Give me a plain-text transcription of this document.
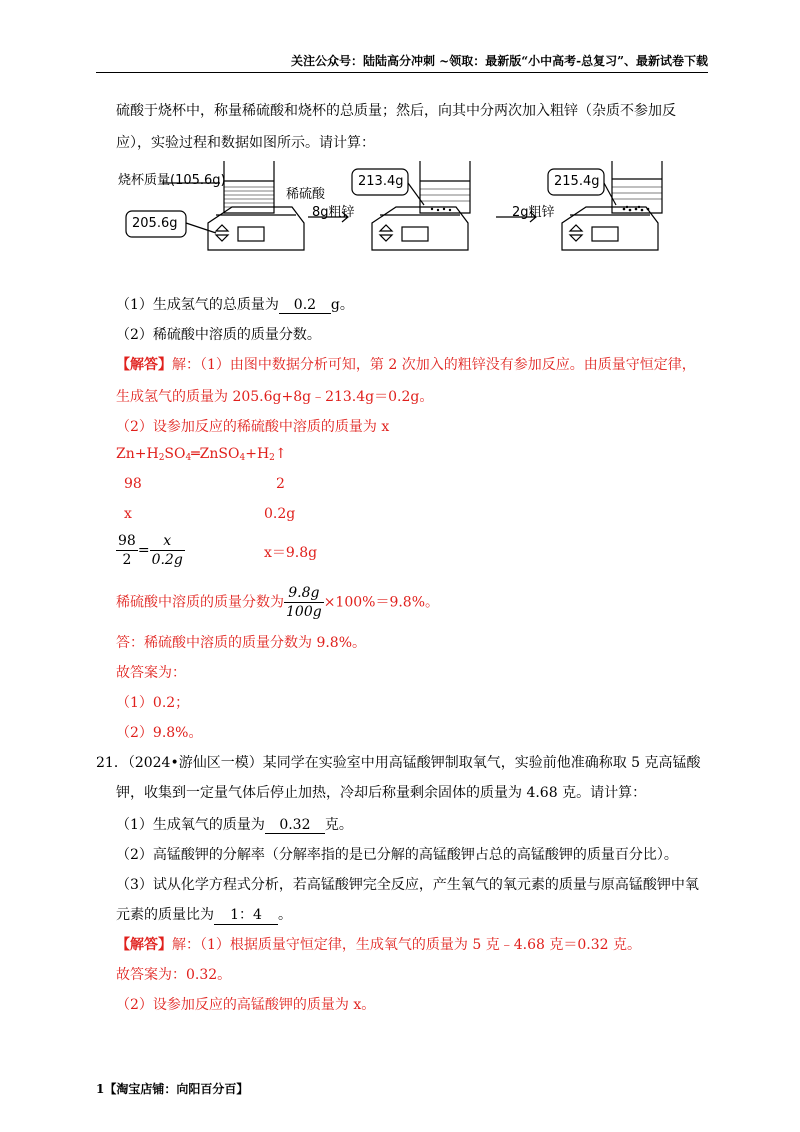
关注公众号：陆陆高分冲刺 ~领取：最新版“小中高考-总复习”、最新试卷下载
硫酸于烧杯中，称量稀硫酸和烧杯的总质量；然后，向其中分两次加入粗锌（杂质不参加反
应），实验过程和数据如图所示。请计算：
烧杯质量(105.6g)
稀硫酸
8g粗锌	2g粗锌
205.6g
213.4g	215.4g
（1）生成氢气的总质量为 0.2 g。
（2）稀硫酸中溶质的质量分数。
【解答】解：（1）由图中数据分析可知，第 2 次加入的粗锌没有参加反应。由质量守恒定律，
生成氢气的质量为 205.6g+8g﹣213.4g＝0.2g。
（2）设参加反应的稀硫酸中溶质的质量为 x
$Zn+H_2SO_4═ZnSO_4+H_2↑$
98	2
x	0.2g
$\frac{98}{2} = \frac{x}{0.2g}$	x＝9.8g
稀硫酸中溶质的质量分数为 $\frac{9.8g}{100g} \times 100\%=9.8\%$。
答：稀硫酸中溶质的质量分数为 9.8%。
故答案为：
（1）0.2；
（2）9.8%。
21．（2024•游仙区一模）某同学在实验室中用高锰酸钾制取氧气，实验前他准确称取 5 克高锰酸
钾，收集到一定量气体后停止加热，冷却后称量剩余固体的质量为 4.68 克。请计算：
（1）生成氧气的质量为 0.32 克。
（2）高锰酸钾的分解率（分解率指的是已分解的高锰酸钾占总的高锰酸钾的质量百分比）。
（3）试从化学方程式分析，若高锰酸钾完全反应，产生氧气的氧元素的质量与原高锰酸钾中氧
元素的质量比为 1：4 。
【解答】解：（1）根据质量守恒定律，生成氧气的质量为 5 克﹣4.68 克＝0.32 克。
故答案为：0.32。
（2）设参加反应的高锰酸钾的质量为 x。
1【淘宝店铺：向阳百分百】
